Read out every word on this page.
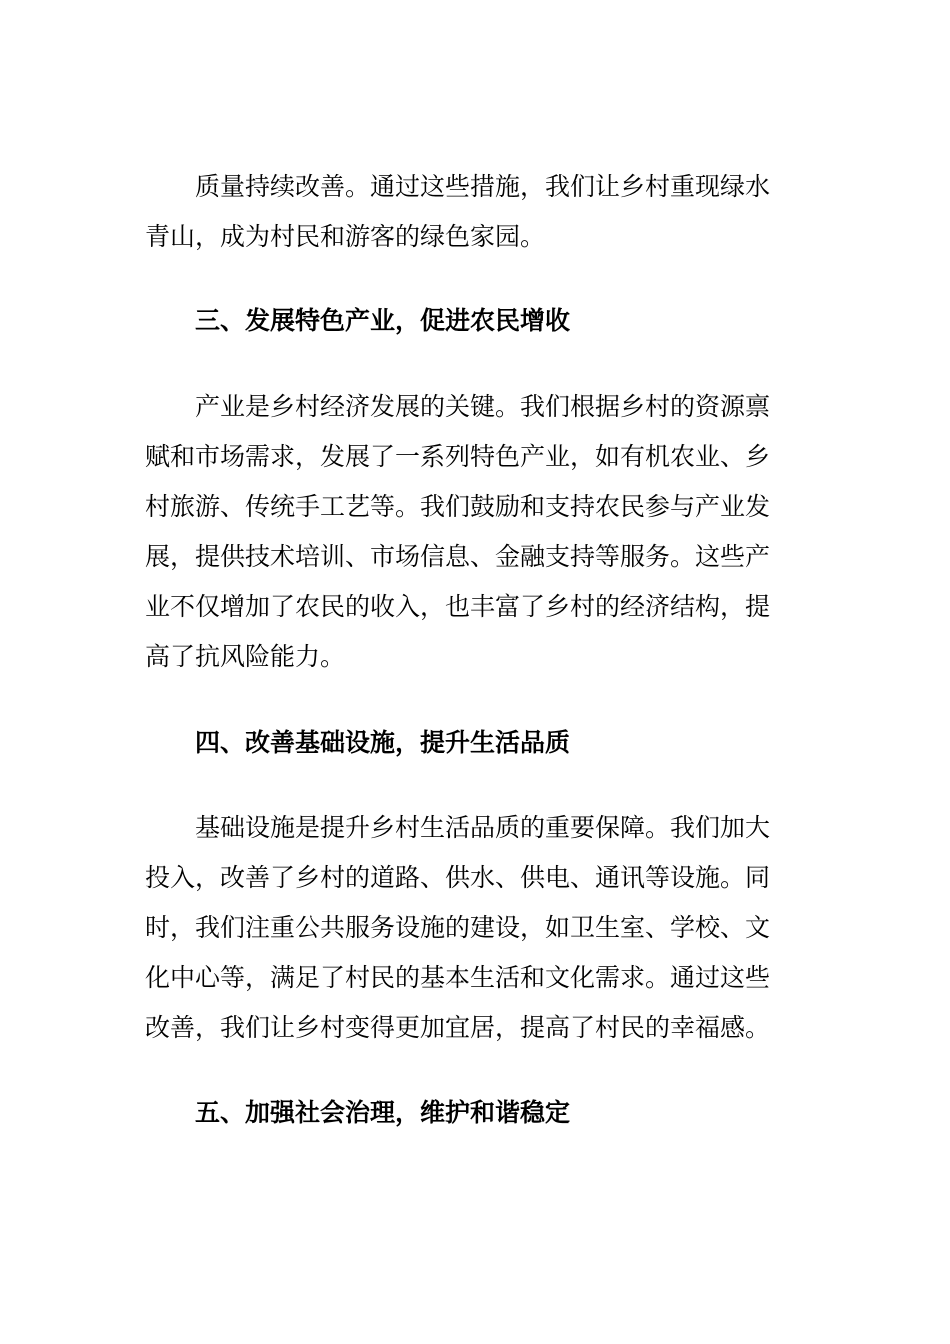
质量持续改善。通过这些措施，我们让乡村重现绿水
青山，成为村民和游客的绿色家园。
三、发展特色产业，促进农民增收
产业是乡村经济发展的关键。我们根据乡村的资源禀
赋和市场需求，发展了一系列特色产业，如有机农业、乡
村旅游、传统手工艺等。我们鼓励和支持农民参与产业发
展，提供技术培训、市场信息、金融支持等服务。这些产
业不仅增加了农民的收入，也丰富了乡村的经济结构，提
高了抗风险能力。
四、改善基础设施，提升生活品质
基础设施是提升乡村生活品质的重要保障。我们加大
投入，改善了乡村的道路、供水、供电、通讯等设施。同
时，我们注重公共服务设施的建设，如卫生室、学校、文
化中心等，满足了村民的基本生活和文化需求。通过这些
改善，我们让乡村变得更加宜居，提高了村民的幸福感。
五、加强社会治理，维护和谐稳定
